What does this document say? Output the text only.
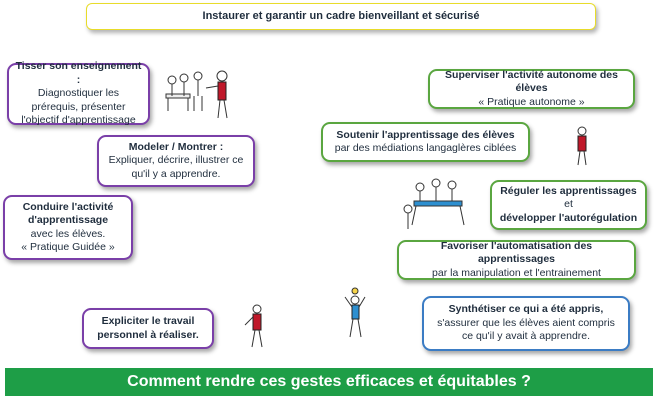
Instaurer et garantir un cadre bienveillant et sécurisé
Tisser son enseignement :
Diagnostiquer les
prérequis, présenter
l'objectif d'apprentissage
Modeler / Montrer :
Expliquer, décrire, illustrer ce
qu'il y a apprendre.
Conduire l'activité
d'apprentissage
avec les élèves.
« Pratique Guidée »
Expliciter le travail
personnel à réaliser.
Superviser l'activité autonome des élèves
« Pratique autonome »
Soutenir l'apprentissage des élèves
par des médiations langaglères ciblées
Réguler les apprentissages et
développer l'autorégulation
Favoriser l'automatisation des apprentissages
par la manipulation et l'entrainement
Synthétiser ce qui a été appris,
s'assurer que les élèves aient compris
ce qu'il y avait à apprendre.
Comment rendre ces gestes efficaces et équitables ?
